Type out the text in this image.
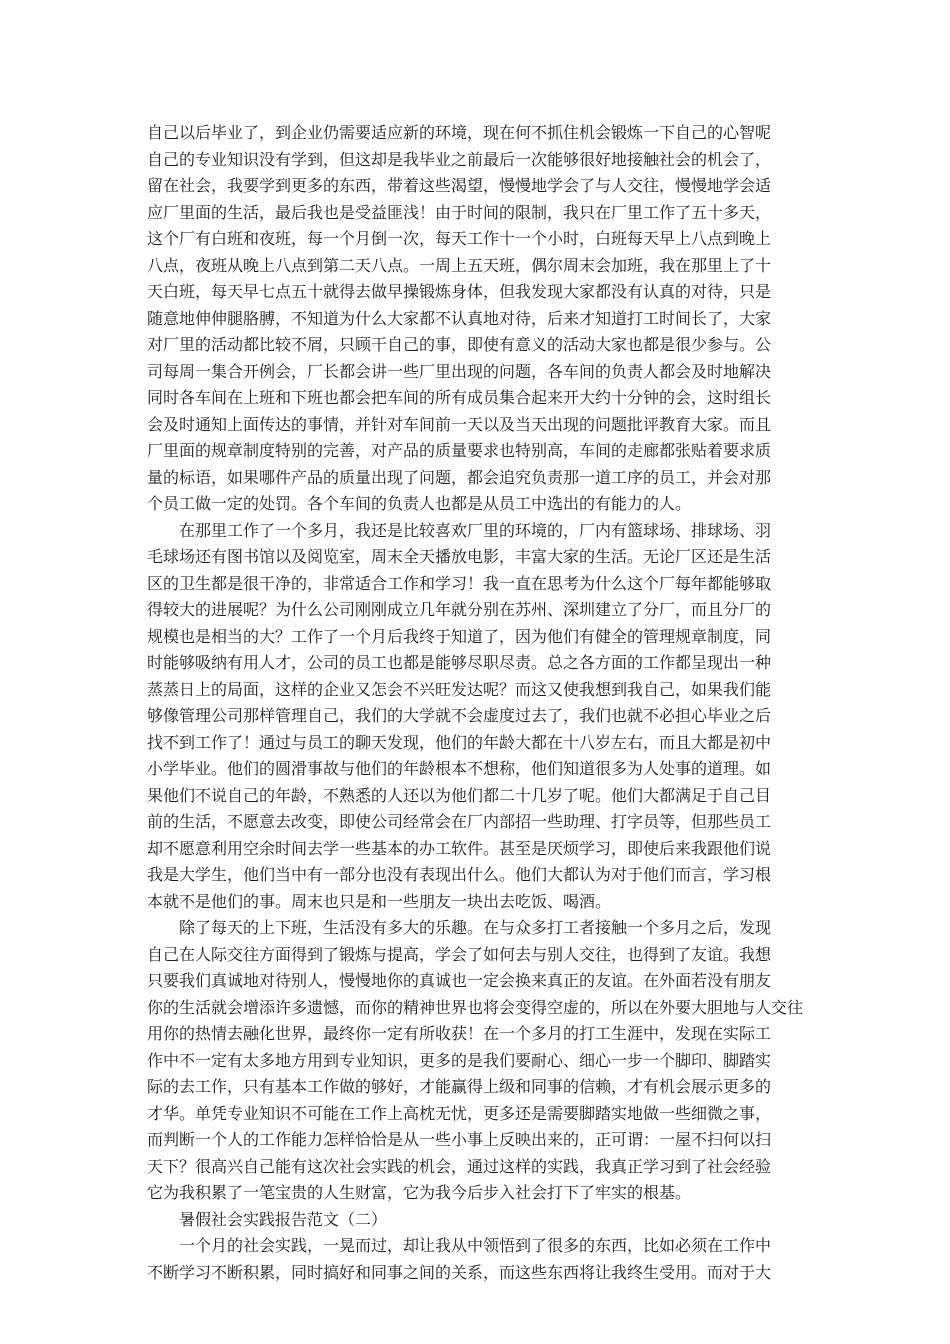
自己以后毕业了，到企业仍需要适应新的环境，现在何不抓住机会锻炼一下自己的心智呢
自己的专业知识没有学到，但这却是我毕业之前最后一次能够很好地接触社会的机会了，
留在社会，我要学到更多的东西，带着这些渴望，慢慢地学会了与人交往，慢慢地学会适
应厂里面的生活，最后我也是受益匪浅！由于时间的限制，我只在厂里工作了五十多天，
这个厂有白班和夜班，每一个月倒一次，每天工作十一个小时，白班每天早上八点到晚上
八点，夜班从晚上八点到第二天八点。一周上五天班，偶尔周末会加班，我在那里上了十
天白班，每天早七点五十就得去做早操锻炼身体，但我发现大家都没有认真的对待，只是
随意地伸伸腿胳膊，不知道为什么大家都不认真地对待，后来才知道打工时间长了，大家
对厂里的活动都比较不屑，只顾干自己的事，即使有意义的活动大家也都是很少参与。公
司每周一集合开例会，厂长都会讲一些厂里出现的问题，各车间的负责人都会及时地解决
同时各车间在上班和下班也都会把车间的所有成员集合起来开大约十分钟的会，这时组长
会及时通知上面传达的事情，并针对车间前一天以及当天出现的问题批评教育大家。而且
厂里面的规章制度特别的完善，对产品的质量要求也特别高，车间的走廊都张贴着要求质
量的标语，如果哪件产品的质量出现了问题，都会追究负责那一道工序的员工，并会对那
个员工做一定的处罚。各个车间的负责人也都是从员工中选出的有能力的人。
在那里工作了一个多月，我还是比较喜欢厂里的环境的，厂内有篮球场、排球场、羽
毛球场还有图书馆以及阅览室，周末全天播放电影，丰富大家的生活。无论厂区还是生活
区的卫生都是很干净的，非常适合工作和学习！我一直在思考为什么这个厂每年都能够取
得较大的进展呢？为什么公司刚刚成立几年就分别在苏州、深圳建立了分厂，而且分厂的
规模也是相当的大？工作了一个月后我终于知道了，因为他们有健全的管理规章制度，同
时能够吸纳有用人才，公司的员工也都是能够尽职尽责。总之各方面的工作都呈现出一种
蒸蒸日上的局面，这样的企业又怎会不兴旺发达呢？而这又使我想到我自己，如果我们能
够像管理公司那样管理自己，我们的大学就不会虚度过去了，我们也就不必担心毕业之后
找不到工作了！通过与员工的聊天发现，他们的年龄大都在十八岁左右，而且大都是初中
小学毕业。他们的圆滑事故与他们的年龄根本不想称，他们知道很多为人处事的道理。如
果他们不说自己的年龄，不熟悉的人还以为他们都二十几岁了呢。他们大都满足于自己目
前的生活，不愿意去改变，即使公司经常会在厂内部招一些助理、打字员等，但那些员工
却不愿意利用空余时间去学一些基本的办工软件。甚至是厌烦学习，即使后来我跟他们说
我是大学生，他们当中有一部分也没有表现出什么。他们大都认为对于他们而言，学习根
本就不是他们的事。周末也只是和一些朋友一块出去吃饭、喝酒。
除了每天的上下班，生活没有多大的乐趣。在与众多打工者接触一个多月之后，发现
自己在人际交往方面得到了锻炼与提高，学会了如何去与别人交往，也得到了友谊。我想
只要我们真诚地对待别人，慢慢地你的真诚也一定会换来真正的友谊。在外面若没有朋友
你的生活就会增添许多遗憾，而你的精神世界也将会变得空虚的，所以在外要大胆地与人交往
用你的热情去融化世界，最终你一定有所收获！在一个多月的打工生涯中，发现在实际工
作中不一定有太多地方用到专业知识，更多的是我们要耐心、细心一步一个脚印、脚踏实
际的去工作，只有基本工作做的够好，才能赢得上级和同事的信赖，才有机会展示更多的
才华。单凭专业知识不可能在工作上高枕无忧，更多还是需要脚踏实地做一些细微之事，
而判断一个人的工作能力怎样恰恰是从一些小事上反映出来的，正可谓：一屋不扫何以扫
天下？很高兴自己能有这次社会实践的机会，通过这样的实践，我真正学习到了社会经验
它为我积累了一笔宝贵的人生财富，它为我今后步入社会打下了牢实的根基。
暑假社会实践报告范文（二）
一个月的社会实践，一晃而过，却让我从中领悟到了很多的东西，比如必须在工作中
不断学习不断积累，同时搞好和同事之间的关系，而这些东西将让我终生受用。而对于大
